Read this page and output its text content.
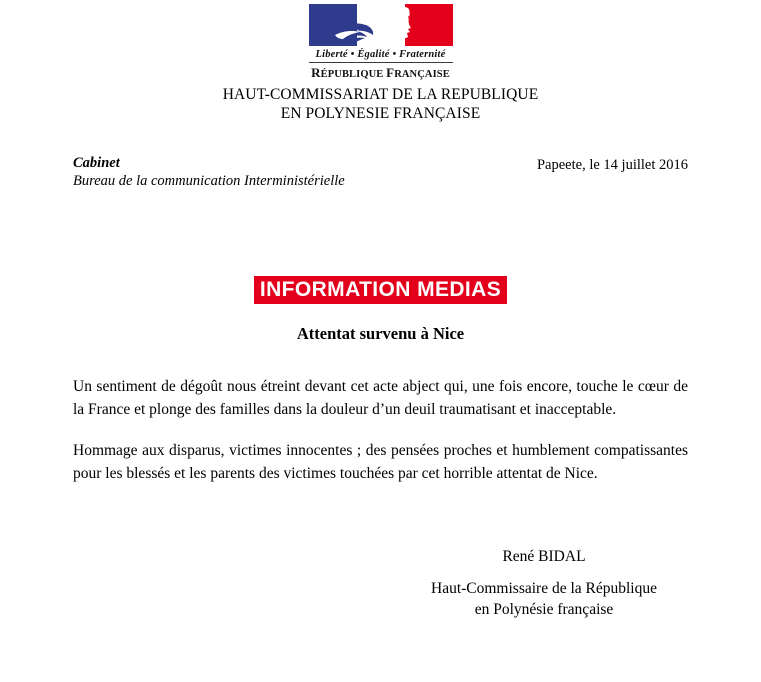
Liberté • Égalité • Fraternité
RÉPUBLIQUE FRANÇAISE
HAUT-COMMISSARIAT DE LA REPUBLIQUE
EN POLYNESIE FRANÇAISE
Cabinet
Bureau de la communication Interministérielle
Papeete, le 14 juillet 2016
INFORMATION MEDIAS
Attentat survenu à Nice

Un sentiment de dégoût nous étreint devant cet acte abject qui, une fois encore, touche le cœur de la France et plonge des familles dans la douleur d’un deuil traumatisant et inacceptable.

Hommage aux disparus, victimes innocentes ; des pensées proches et humblement compatissantes pour les blessés et les parents des victimes touchées par cet horrible attentat de Nice.

René BIDAL
Haut-Commissaire de la République
en Polynésie française
